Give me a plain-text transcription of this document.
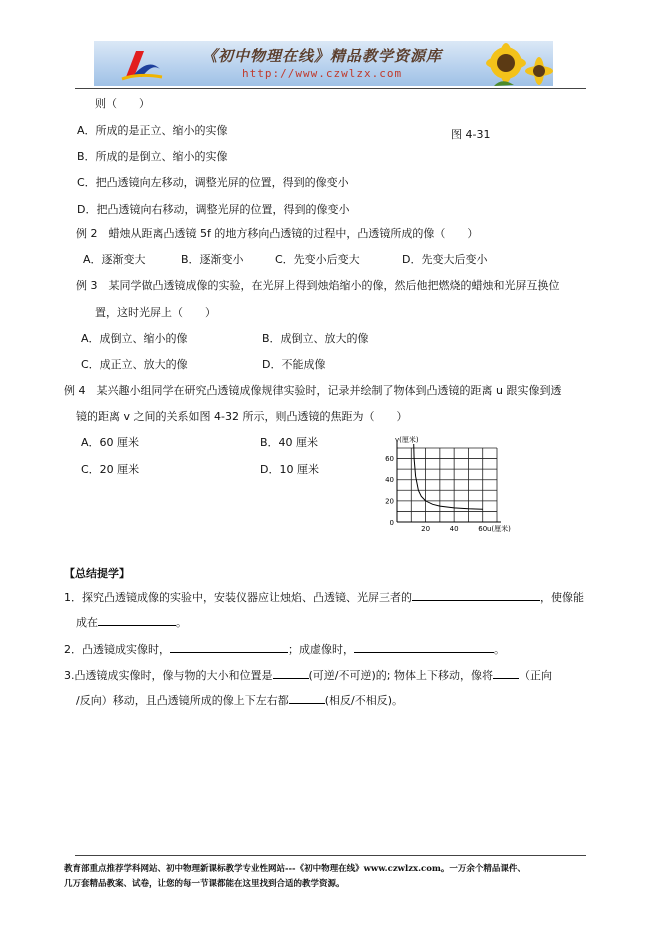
《初中物理在线》精品教学资源库
http://www.czwlzx.com
则（　　）
图 4-31
A．所成的是正立、缩小的实像
B．所成的是倒立、缩小的实像
C．把凸透镜向左移动，调整光屏的位置，得到的像变小
D．把凸透镜向右移动，调整光屏的位置，得到的像变小
例 2　蜡烛从距离凸透镜 5f 的地方移向凸透镜的过程中，凸透镜所成的像（　　）
A．逐渐变大	B．逐渐变小	C．先变小后变大	D．先变大后变小
例 3　某同学做凸透镜成像的实验，在光屏上得到烛焰缩小的像，然后他把燃烧的蜡烛和光屏互换位
置，这时光屏上（　　）
A．成倒立、缩小的像	B．成倒立、放大的像
C．成正立、放大的像	D．不能成像
例 4　某兴趣小组同学在研究凸透镜成像规律实验时，记录并绘制了物体到凸透镜的距离 u 跟实像到透
镜的距离 v 之间的关系如图 4-32 所示，则凸透镜的焦距为（　　）
A．60 厘米	B．40 厘米
C．20 厘米	D．10 厘米
20	40	60
20
40
60
0
v(厘米)
u(厘米)
【总结提学】
1．探究凸透镜成像的实验中，安装仪器应让烛焰、凸透镜、光屏三者的	，使像能
成在	。
2．凸透镜成实像时，	；成虚像时，	。
3.凸透镜成实像时，像与物的大小和位置是	(可逆/不可逆)的; 物体上下移动，像将 （正向
/反向）移动，且凸透镜所成的像上下左右都	(相反/不相反)。
教育部重点推荐学科网站、初中物理新课标教学专业性网站---《初中物理在线》www.czwlzx.com。一万余个精品课件、
几万套精品教案、试卷，让您的每一节课都能在这里找到合适的教学资源。
